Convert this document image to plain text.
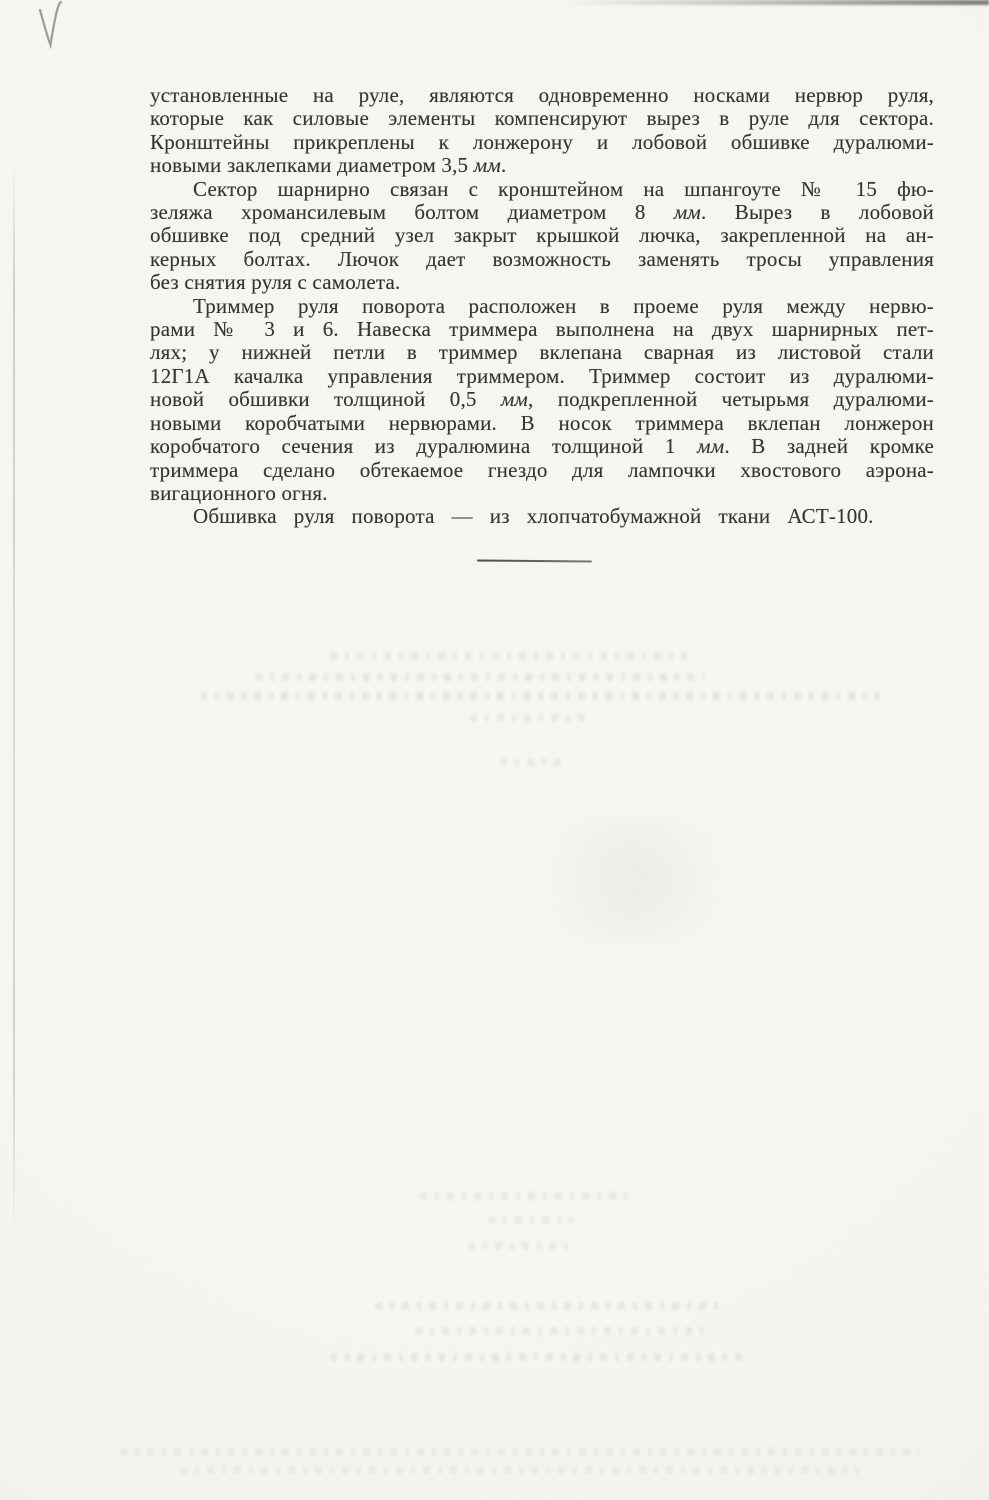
установленные на руле, являются одновременно носками нервюр руля,
которые как силовые элементы компенсируют вырез в руле для сектора.
Кронштейны прикреплены к лонжерону и лобовой обшивке дуралюми-
новыми заклепками диаметром 3,5 мм.
Сектор шарнирно связан с кронштейном на шпангоуте № 15 фю-
зеляжа хромансилевым болтом диаметром 8 мм. Вырез в лобовой
обшивке под средний узел закрыт крышкой лючка, закрепленной на ан-
керных болтах. Лючок дает возможность заменять тросы управления
без снятия руля с самолета.
Триммер руля поворота расположен в проеме руля между нервю-
рами № 3 и 6. Навеска триммера выполнена на двух шарнирных пет-
лях; у нижней петли в триммер вклепана сварная из листовой стали
12Г1А качалка управления триммером. Триммер состоит из дуралюми-
новой обшивки толщиной 0,5 мм, подкрепленной четырьмя дуралюми-
новыми коробчатыми нервюрами. В носок триммера вклепан лонжерон
коробчатого сечения из дуралюмина толщиной 1 мм. В задней кромке
триммера сделано обтекаемое гнездо для лампочки хвостового аэрона-
вигационного огня.
Обшивка руля поворота — из хлопчатобумажной ткани АСТ-100.
